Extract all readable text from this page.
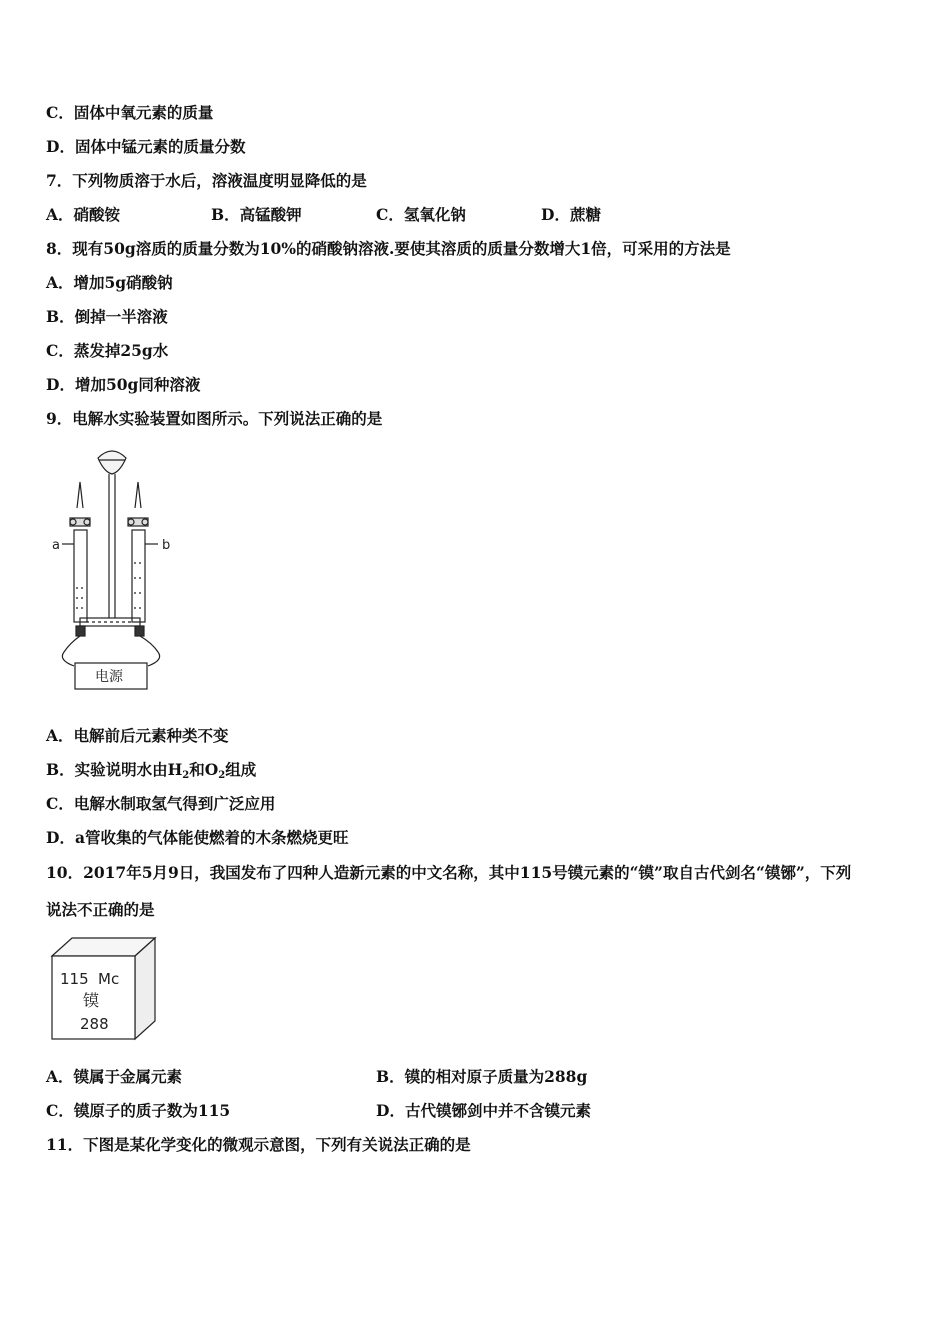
C．固体中氧元素的质量
D．固体中锰元素的质量分数
7．下列物质溶于水后，溶液温度明显降低的是
A．硝酸铵	B．高锰酸钾	C．氢氧化钠	D．蔗糖
8．现有50g溶质的质量分数为10%的硝酸钠溶液.要使其溶质的质量分数增大1倍，可采用的方法是
A．增加5g硝酸钠
B．倒掉一半溶液
C．蒸发掉25g水
D．增加50g同种溶液
9．电解水实验装置如图所示。下列说法正确的是
a	b
电源
A．电解前后元素种类不变
B．实验说明水由$H_2$和$O_2$组成
C．电解水制取氢气得到广泛应用
D．a管收集的气体能使燃着的木条燃烧更旺
10．2017年5月9日，我国发布了四种人造新元素的中文名称，其中115号镆元素的“镆”取自古代剑名“镆铘”，下列
说法不正确的是
115 Mc
镆
288
A．镆属于金属元素	B．镆的相对原子质量为288g
C．镆原子的质子数为115	D．古代镆铘剑中并不含镆元素
11．下图是某化学变化的微观示意图，下列有关说法正确的是
